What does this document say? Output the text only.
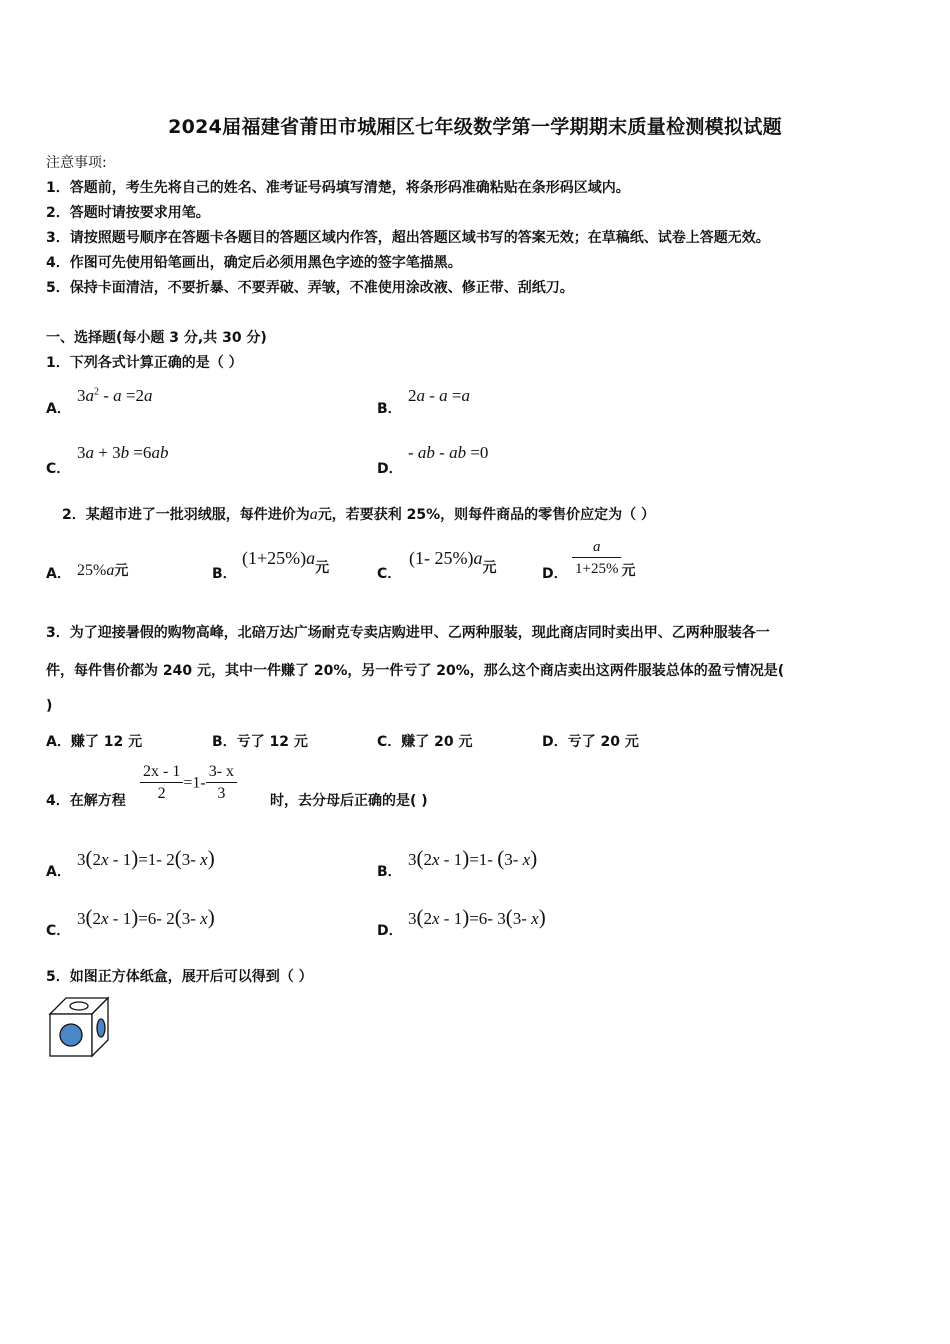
2024届福建省莆田市城厢区七年级数学第一学期期末质量检测模拟试题
注意事项:
1．答题前，考生先将自己的姓名、准考证号码填写清楚，将条形码准确粘贴在条形码区域内。
2．答题时请按要求用笔。
3．请按照题号顺序在答题卡各题目的答题区域内作答，超出答题区域书写的答案无效；在草稿纸、试卷上答题无效。
4．作图可先使用铅笔画出，确定后必须用黑色字迹的签字笔描黑。
5．保持卡面清洁，不要折暴、不要弄破、弄皱，不准使用涂改液、修正带、刮纸刀。
一、选择题(每小题 3 分,共 30 分)
1．下列各式计算正确的是（ ）
A．
$3a^2 - a =2a$
B．
2a - a =a
C．
3a + 3b =6ab
D．
- ab - ab =0
2．某超市进了一批羽绒服，每件进价为a元，若要获利 25%，则每件商品的零售价应定为（ ）
A． 25%a元	B．
$(1+25\%)a_元$	C．
(1- $25\%)a_元$	D． $\frac{a}{1+25\%} _元$
3．为了迎接暑假的购物高峰，北碚万达广场耐克专卖店购进甲、乙两种服装，现此商店同时卖出甲、乙两种服装各一
件，每件售价都为 240 元，其中一件赚了 20%，另一件亏了 20%，那么这个商店卖出这两件服装总体的盈亏情况是(
)
A．赚了 12 元	B．亏了 12 元	C．赚了 20 元	D．亏了 20 元
4．在解方程 $\frac{2x - 1}{2} =1- \frac{3- x}{3}$ 时，去分母后正确的是( )
A．
3(2x - 1)=1- 2(3- x)
B．
3(2x - 1)=1- (3- x)
C．
3(2x - 1)=6- 2(3- x)
D．
3(2x - 1)=6- 3(3- x)
5．如图正方体纸盒，展开后可以得到（ ）
